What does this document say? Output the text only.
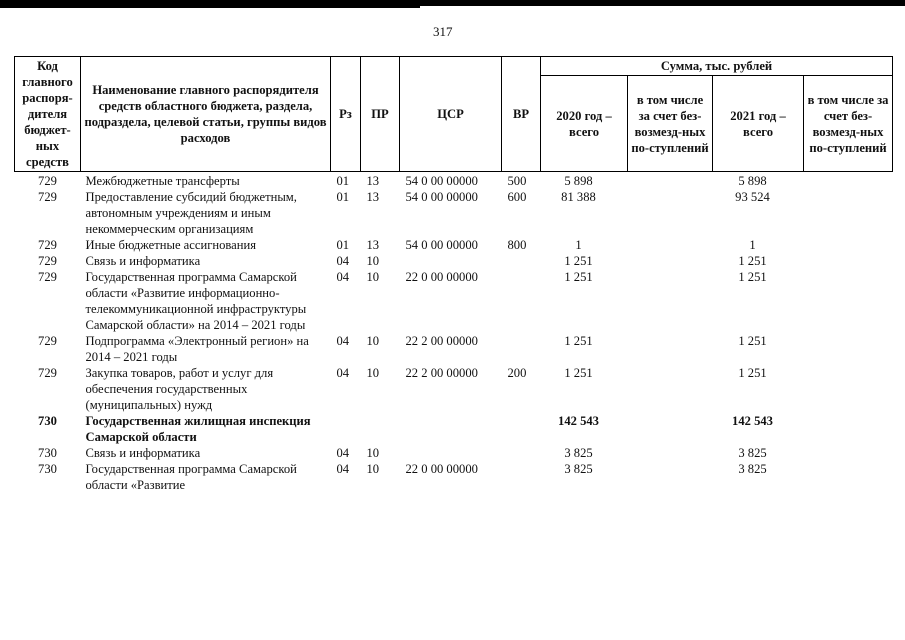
317
Код главного распоря-дителя бюджет-ных средств	Наименование главного распорядителя средств областного бюджета, раздела, подраздела, целевой статьи, группы видов расходов	Рз	ПР	ЦСР	ВР	Сумма, тыс. рублей			
						2020 год – всего	в том числе за счет без-возмезд-ных по-ступлений	2021 год – всего	в том числе за счет без-возмезд-ных по-ступлений
729	Межбюджетные трансферты	01	13	54 0 00 00000	500	5 898		5 898	
729	Предоставление субсидий бюджетным, автономным учреждениям и иным некоммерческим организациям	01	13	54 0 00 00000	600	81 388		93 524	
729	Иные бюджетные ассигнования	01	13	54 0 00 00000	800	1		1	
729	Связь и информатика	04	10			1 251		1 251	
729	Государственная программа Самарской области «Развитие информационно-телекоммуникационной инфраструктуры Самарской области» на 2014 – 2021 годы	04	10	22 0 00 00000		1 251		1 251	
729	Подпрограмма «Электронный регион» на 2014 – 2021 годы	04	10	22 2 00 00000		1 251		1 251	
729	Закупка товаров, работ и услуг для обеспечения государственных (муниципальных) нужд	04	10	22 2 00 00000	200	1 251		1 251	
730	Государственная жилищная инспекция Самарской области					142 543		142 543	
730	Связь и информатика	04	10			3 825		3 825	
730	Государственная программа Самарской области «Развитие	04	10	22 0 00 00000		3 825		3 825	
